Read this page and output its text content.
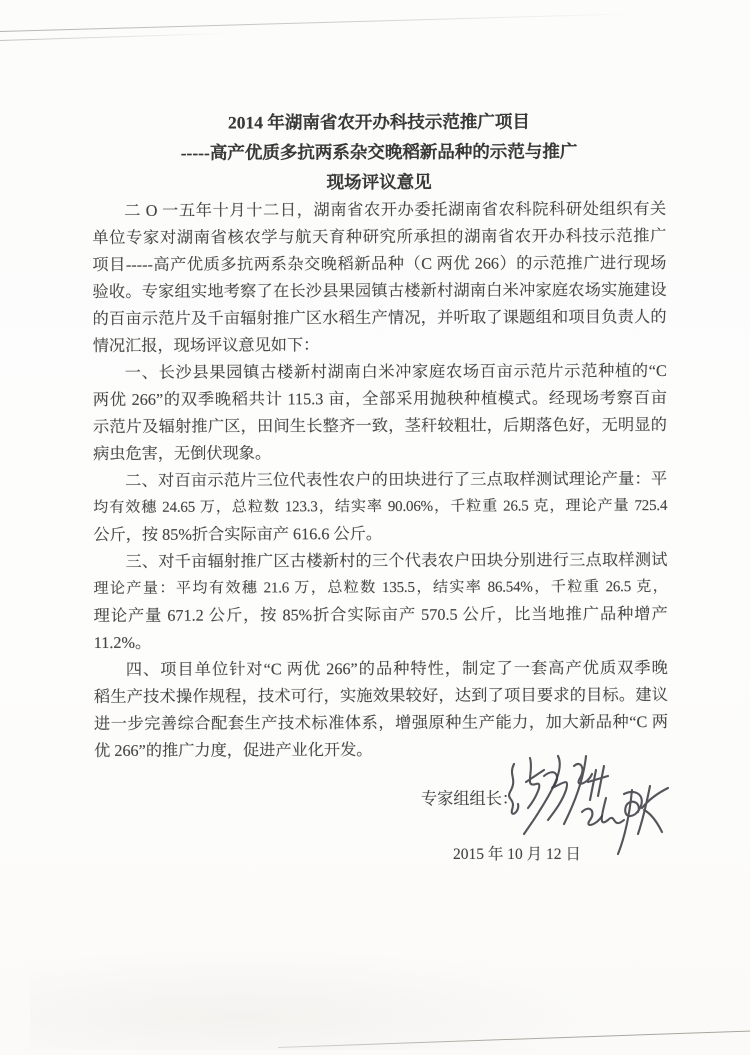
2014 年湖南省农开办科技示范推广项目
-----高产优质多抗两系杂交晚稻新品种的示范与推广
现场评议意见
二 O 一五年十月十二日，湖南省农开办委托湖南省农科院科研处组织有关
单位专家对湖南省核农学与航天育种研究所承担的湖南省农开办科技示范推广
项目-----高产优质多抗两系杂交晚稻新品种（C 两优 266）的示范推广进行现场
验收。专家组实地考察了在长沙县果园镇古楼新村湖南白米冲家庭农场实施建设
的百亩示范片及千亩辐射推广区水稻生产情况，并听取了课题组和项目负责人的
情况汇报，现场评议意见如下：
一、长沙县果园镇古楼新村湖南白米冲家庭农场百亩示范片示范种植的“C
两优 266”的双季晚稻共计 115.3 亩，全部采用抛秧种植模式。经现场考察百亩
示范片及辐射推广区，田间生长整齐一致，茎秆较粗壮，后期落色好，无明显的
病虫危害，无倒伏现象。
二、对百亩示范片三位代表性农户的田块进行了三点取样测试理论产量：平
均有效穗 24.65 万，总粒数 123.3，结实率 90.06%，千粒重 26.5 克，理论产量 725.4
公斤，按 85%折合实际亩产 616.6 公斤。
三、对千亩辐射推广区古楼新村的三个代表农户田块分别进行三点取样测试
理论产量：平均有效穗 21.6 万，总粒数 135.5，结实率 86.54%，千粒重 26.5 克，
理论产量 671.2 公斤，按 85%折合实际亩产 570.5 公斤，比当地推广品种增产
11.2%。
四、项目单位针对“C 两优 266”的品种特性，制定了一套高产优质双季晚
稻生产技术操作规程，技术可行，实施效果较好，达到了项目要求的目标。建议
进一步完善综合配套生产技术标准体系，增强原种生产能力，加大新品种“C 两
优 266”的推广力度，促进产业化开发。
专家组组长：
2015 年 10 月 12 日
